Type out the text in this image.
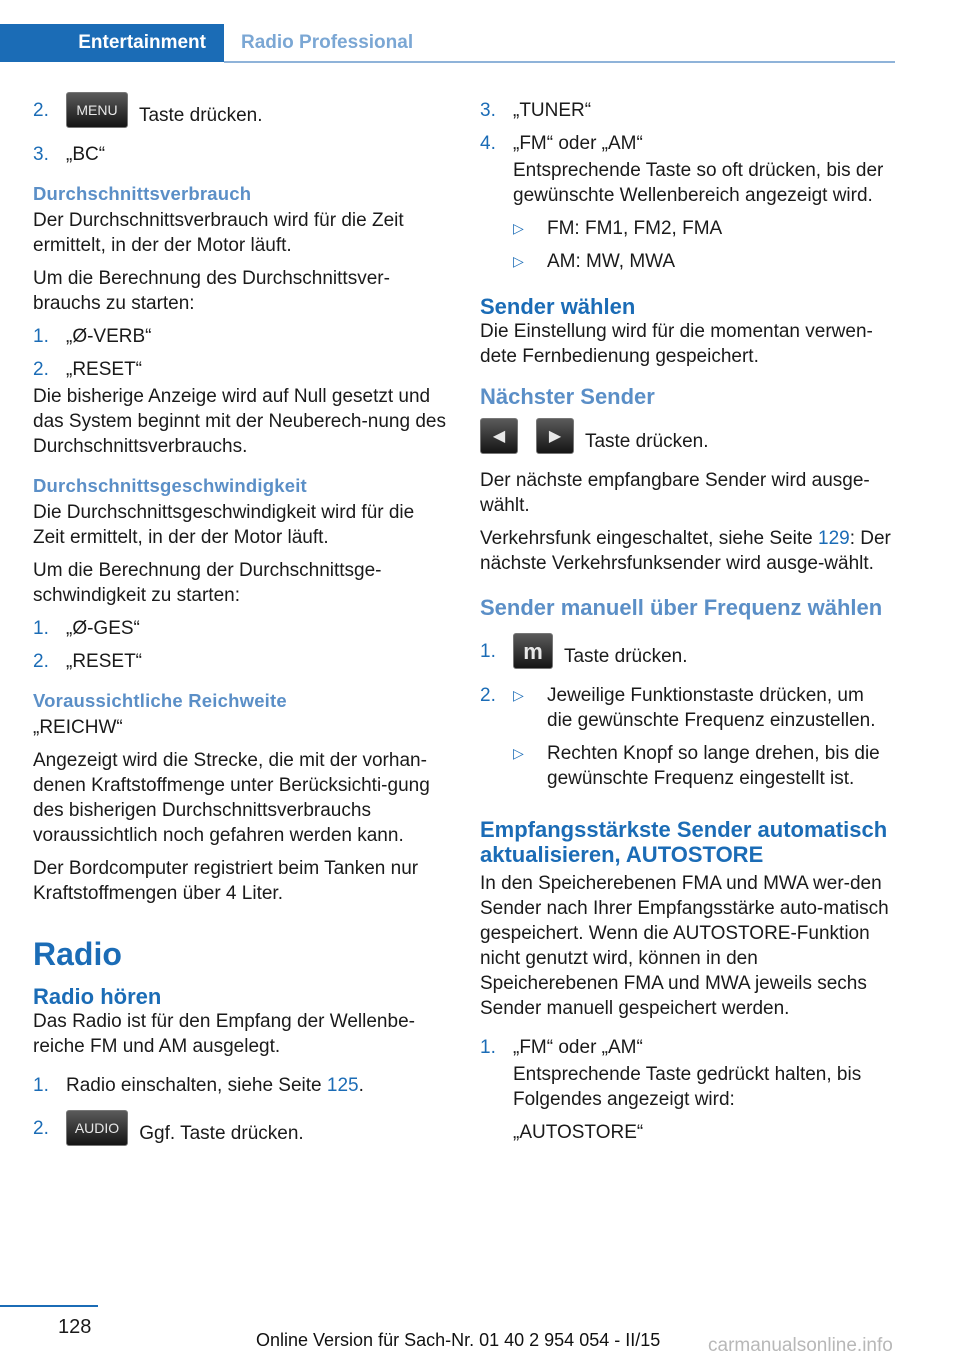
Entertainment Radio Professional
2.	MENU Taste drücken.
3. „BC“
Durchschnittsverbrauch

Der Durchschnittsverbrauch wird für die Zeit ermittelt, in der der Motor läuft.

Um die Berechnung des Durchschnittsver‐brauchs zu starten:

1. „Ø-VERB“
2. „RESET“

Die bisherige Anzeige wird auf Null gesetzt und das System beginnt mit der Neuberech‐nung des Durchschnittsverbrauchs.

Durchschnittsgeschwindigkeit

Die Durchschnittsgeschwindigkeit wird für die Zeit ermittelt, in der der Motor läuft.

Um die Berechnung der Durchschnittsge‐schwindigkeit zu starten:

1. „Ø-GES“
2. „RESET“
Voraussichtliche Reichweite

„REICHW“

Angezeigt wird die Strecke, die mit der vorhan‐denen Kraftstoffmenge unter Berücksichti‐gung des bisherigen Durchschnittsverbrauchs voraussichtlich noch gefahren werden kann.

Der Bordcomputer registriert beim Tanken nur Kraftstoffmengen über 4 Liter.

Radio
Radio hören

Das Radio ist für den Empfang der Wellenbe‐reiche FM und AM ausgelegt.

1. Radio einschalten, siehe Seite 125.
2.	AUDIO Ggf. Taste drücken.
3. „TUNER“
4. „FM“ oder „AM“

Entsprechende Taste so oft drücken, bis der gewünschte Wellenbereich angezeigt wird.

▷	FM: FM1, FM2, FMA
▷	AM: MW, MWA
Sender wählen

Die Einstellung wird für die momentan verwen‐dete Fernbedienung gespeichert.

Nächster Sender

◀	▶ Taste drücken.

Der nächste empfangbare Sender wird ausge‐wählt.

Verkehrsfunk eingeschaltet, siehe Seite 129: Der nächste Verkehrsfunksender wird ausge‐wählt.

Sender manuell über Frequenz wählen
1.	m Taste drücken.
2.	▷	Jeweilige Funktionstaste drücken, um die gewünschte Frequenz einzustellen.
▷	Rechten Knopf so lange drehen, bis die gewünschte Frequenz eingestellt ist.
Empfangsstärkste Sender automatisch aktualisieren, AUTOSTORE

In den Speicherebenen FMA und MWA wer‐den Sender nach Ihrer Empfangsstärke auto‐matisch gespeichert. Wenn die AUTOSTORE-Funktion nicht genutzt wird, können in den Speicherebenen FMA und MWA jeweils sechs Sender manuell gespeichert werden.

1. „FM“ oder „AM“

Entsprechende Taste gedrückt halten, bis Folgendes angezeigt wird:

„AUTOSTORE“

128
Online Version für Sach-Nr. 01 40 2 954 054 - II/15	carmanualsonline.info
